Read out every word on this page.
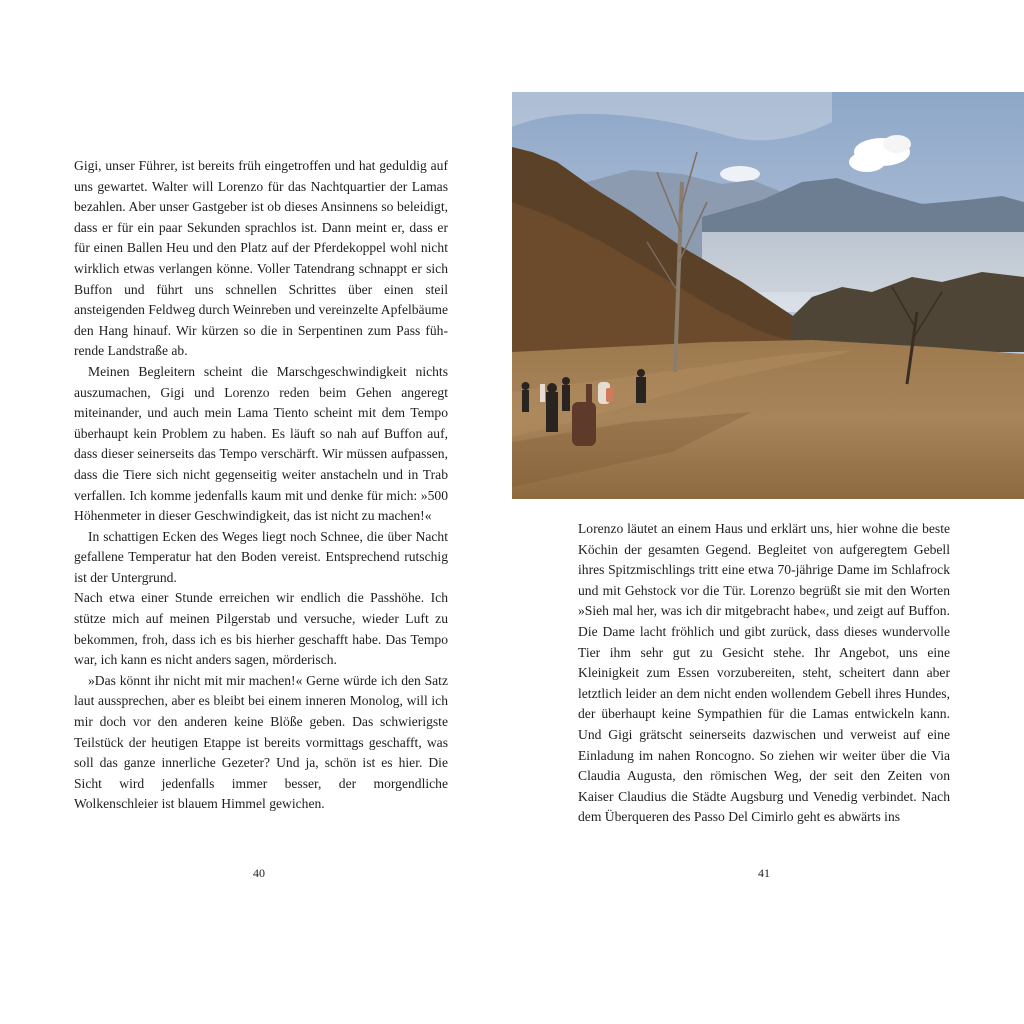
Gigi, unser Führer, ist bereits früh eingetroffen und hat geduldig auf uns gewartet. Walter will Lorenzo für das Nachtquartier der Lamas bezahlen. Aber unser Gastgeber ist ob dieses Ansinnens so beleidigt, dass er für ein paar Sekunden sprachlos ist. Dann meint er, dass er für einen Ballen Heu und den Platz auf der Pferdekoppel wohl nicht wirklich etwas verlangen könne. Voller Tatendrang schnappt er sich Buffon und führt uns schnellen Schrittes über einen steil ansteigenden Feldweg durch Weinreben und vereinzelte Apfelbäume den Hang hinauf. Wir kürzen so die in Serpentinen zum Pass führende Landstraße ab.

Meinen Begleitern scheint die Marschgeschwindigkeit nichts auszumachen, Gigi und Lorenzo reden beim Gehen angeregt miteinander, und auch mein Lama Tiento scheint mit dem Tempo überhaupt kein Problem zu haben. Es läuft so nah auf Buffon auf, dass dieser seinerseits das Tempo verschärft. Wir müssen aufpassen, dass die Tiere sich nicht gegenseitig weiter anstacheln und in Trab verfallen. Ich komme jedenfalls kaum mit und denke für mich: »500 Höhenmeter in dieser Geschwindigkeit, das ist nicht zu machen!«

In schattigen Ecken des Weges liegt noch Schnee, die über Nacht gefallene Temperatur hat den Boden vereist. Entsprechend rutschig ist der Untergrund.

Nach etwa einer Stunde erreichen wir endlich die Passhöhe. Ich stütze mich auf meinen Pilgerstab und versuche, wieder Luft zu bekommen, froh, dass ich es bis hierher geschafft habe. Das Tempo war, ich kann es nicht anders sagen, mörderisch.

»Das könnt ihr nicht mit mir machen!« Gerne würde ich den Satz laut aussprechen, aber es bleibt bei einem inneren Monolog, will ich mir doch vor den anderen keine Blöße geben. Das schwierigste Teilstück der heutigen Etappe ist bereits vormittags geschafft, was soll das ganze innerliche Gezeter? Und ja, schön ist es hier. Die Sicht wird jedenfalls immer besser, der morgendliche Wolkenschleier ist blauem Himmel gewichen.

40

Lorenzo läutet an einem Haus und erklärt uns, hier wohne die beste Köchin der gesamten Gegend. Begleitet von aufgeregtem Gebell ihres Spitzmischlings tritt eine etwa 70-jährige Dame im Schlafrock und mit Gehstock vor die Tür. Lorenzo begrüßt sie mit den Worten »Sieh mal her, was ich dir mitgebracht habe«, und zeigt auf Buffon. Die Dame lacht fröhlich und gibt zurück, dass dieses wundervolle Tier ihm sehr gut zu Gesicht stehe. Ihr Angebot, uns eine Kleinigkeit zum Essen vorzubereiten, steht, scheitert dann aber letztlich leider an dem nicht enden wollendem Gebell ihres Hundes, der überhaupt keine Sympathien für die Lamas entwickeln kann. Und Gigi grätscht seinerseits dazwischen und verweist auf eine Einladung im nahen Roncogno. So ziehen wir weiter über die Via Claudia Augusta, den römischen Weg, der seit den Zeiten von Kaiser Claudius die Städte Augsburg und Venedig verbindet. Nach dem Überqueren des Passo Del Cimirlo geht es abwärts ins

41
